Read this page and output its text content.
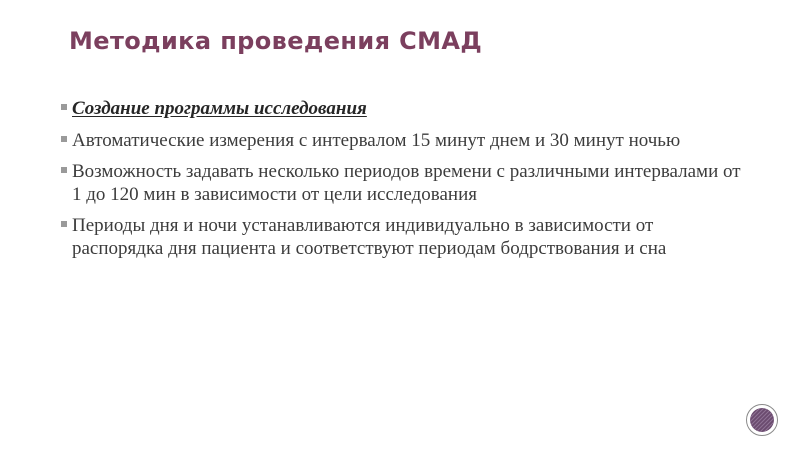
Методика проведения СМАД
Создание программы исследования
Автоматические измерения с интервалом 15 минут днем и 30 минут ночью
Возможность задавать несколько периодов времени с различными интервалами от 1 до 120 мин в зависимости от цели исследования
Периоды дня и ночи устанавливаются индивидуально в зависимости от распорядка дня пациента и соответствуют периодам бодрствования и сна
